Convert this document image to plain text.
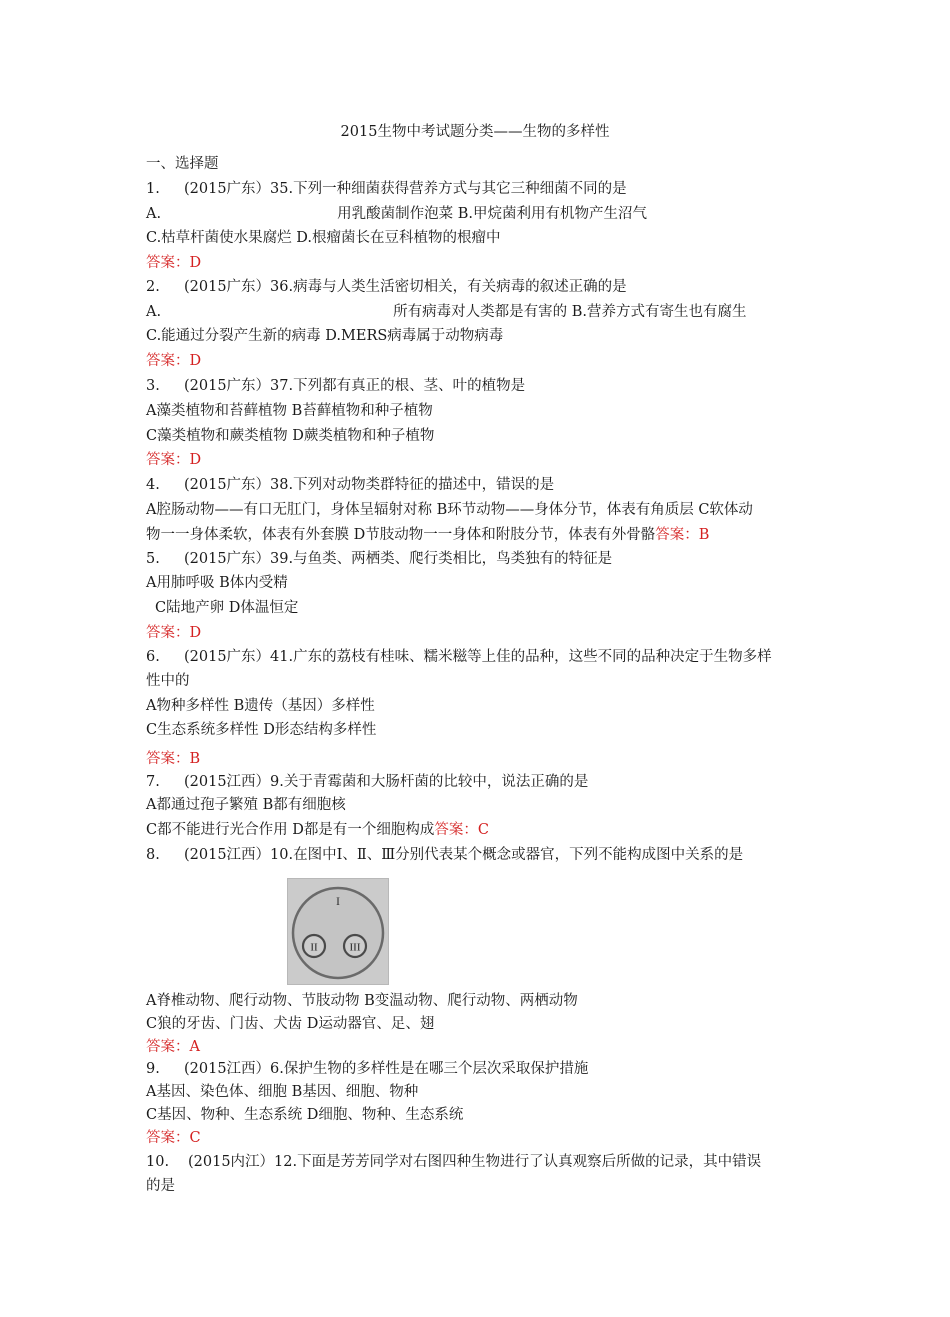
2015生物中考试题分类——生物的多样性
一、选择题
1. (2015广东）35.下列一种细菌获得营养方式与其它三种细菌不同的是
A.	用乳酸菌制作泡菜 B.甲烷菌利用有机物产生沼气
C.枯草杆菌使水果腐烂 D.根瘤菌长在豆科植物的根瘤中
答案：D
2. (2015广东）36.病毒与人类生活密切相关，有关病毒的叙述正确的是
A.	所有病毒对人类都是有害的 B.营养方式有寄生也有腐生
C.能通过分裂产生新的病毒 D.MERS病毒属于动物病毒
答案：D
3. (2015广东）37.下列都有真正的根、茎、叶的植物是
A藻类植物和苔藓植物 B苔藓植物和种子植物
C藻类植物和蕨类植物 D蕨类植物和种子植物
答案：D
4. (2015广东）38.下列对动物类群特征的描述中，错误的是
A腔肠动物——有口无肛门，身体呈辐射对称 B环节动物——身体分节，体表有角质层 C软体动
物一一身体柔软，体表有外套膜 D节肢动物一一身体和附肢分节，体表有外骨骼答案：B
5. (2015广东）39.与鱼类、两栖类、爬行类相比，鸟类独有的特征是
A用肺呼吸 B体内受精
C陆地产卵 D体温恒定
答案：D
6. (2015广东）41.广东的荔枝有桂味、糯米糍等上佳的品种，这些不同的品种决定于生物多样
性中的
A物种多样性 B遗传（基因）多样性
C生态系统多样性 D形态结构多样性
答案：B
7. (2015江西）9.关于青霉菌和大肠杆菌的比较中，说法正确的是
A都通过孢子繁殖 B都有细胞核
C都不能进行光合作用 D都是有一个细胞构成答案：C
8. (2015江西）10.在图中Ⅰ、Ⅱ、Ⅲ分别代表某个概念或器官，下列不能构成图中关系的是
I
II	III
A脊椎动物、爬行动物、节肢动物 B变温动物、爬行动物、两栖动物
C狼的牙齿、门齿、犬齿 D运动器官、足、翅
答案：A
9. (2015江西）6.保护生物的多样性是在哪三个层次采取保护措施
A基因、染色体、细胞 B基因、细胞、物种
C基因、物种、生态系统 D细胞、物种、生态系统
答案：C
10. (2015内江）12.下面是芳芳同学对右图四种生物进行了认真观察后所做的记录，其中错误
的是
